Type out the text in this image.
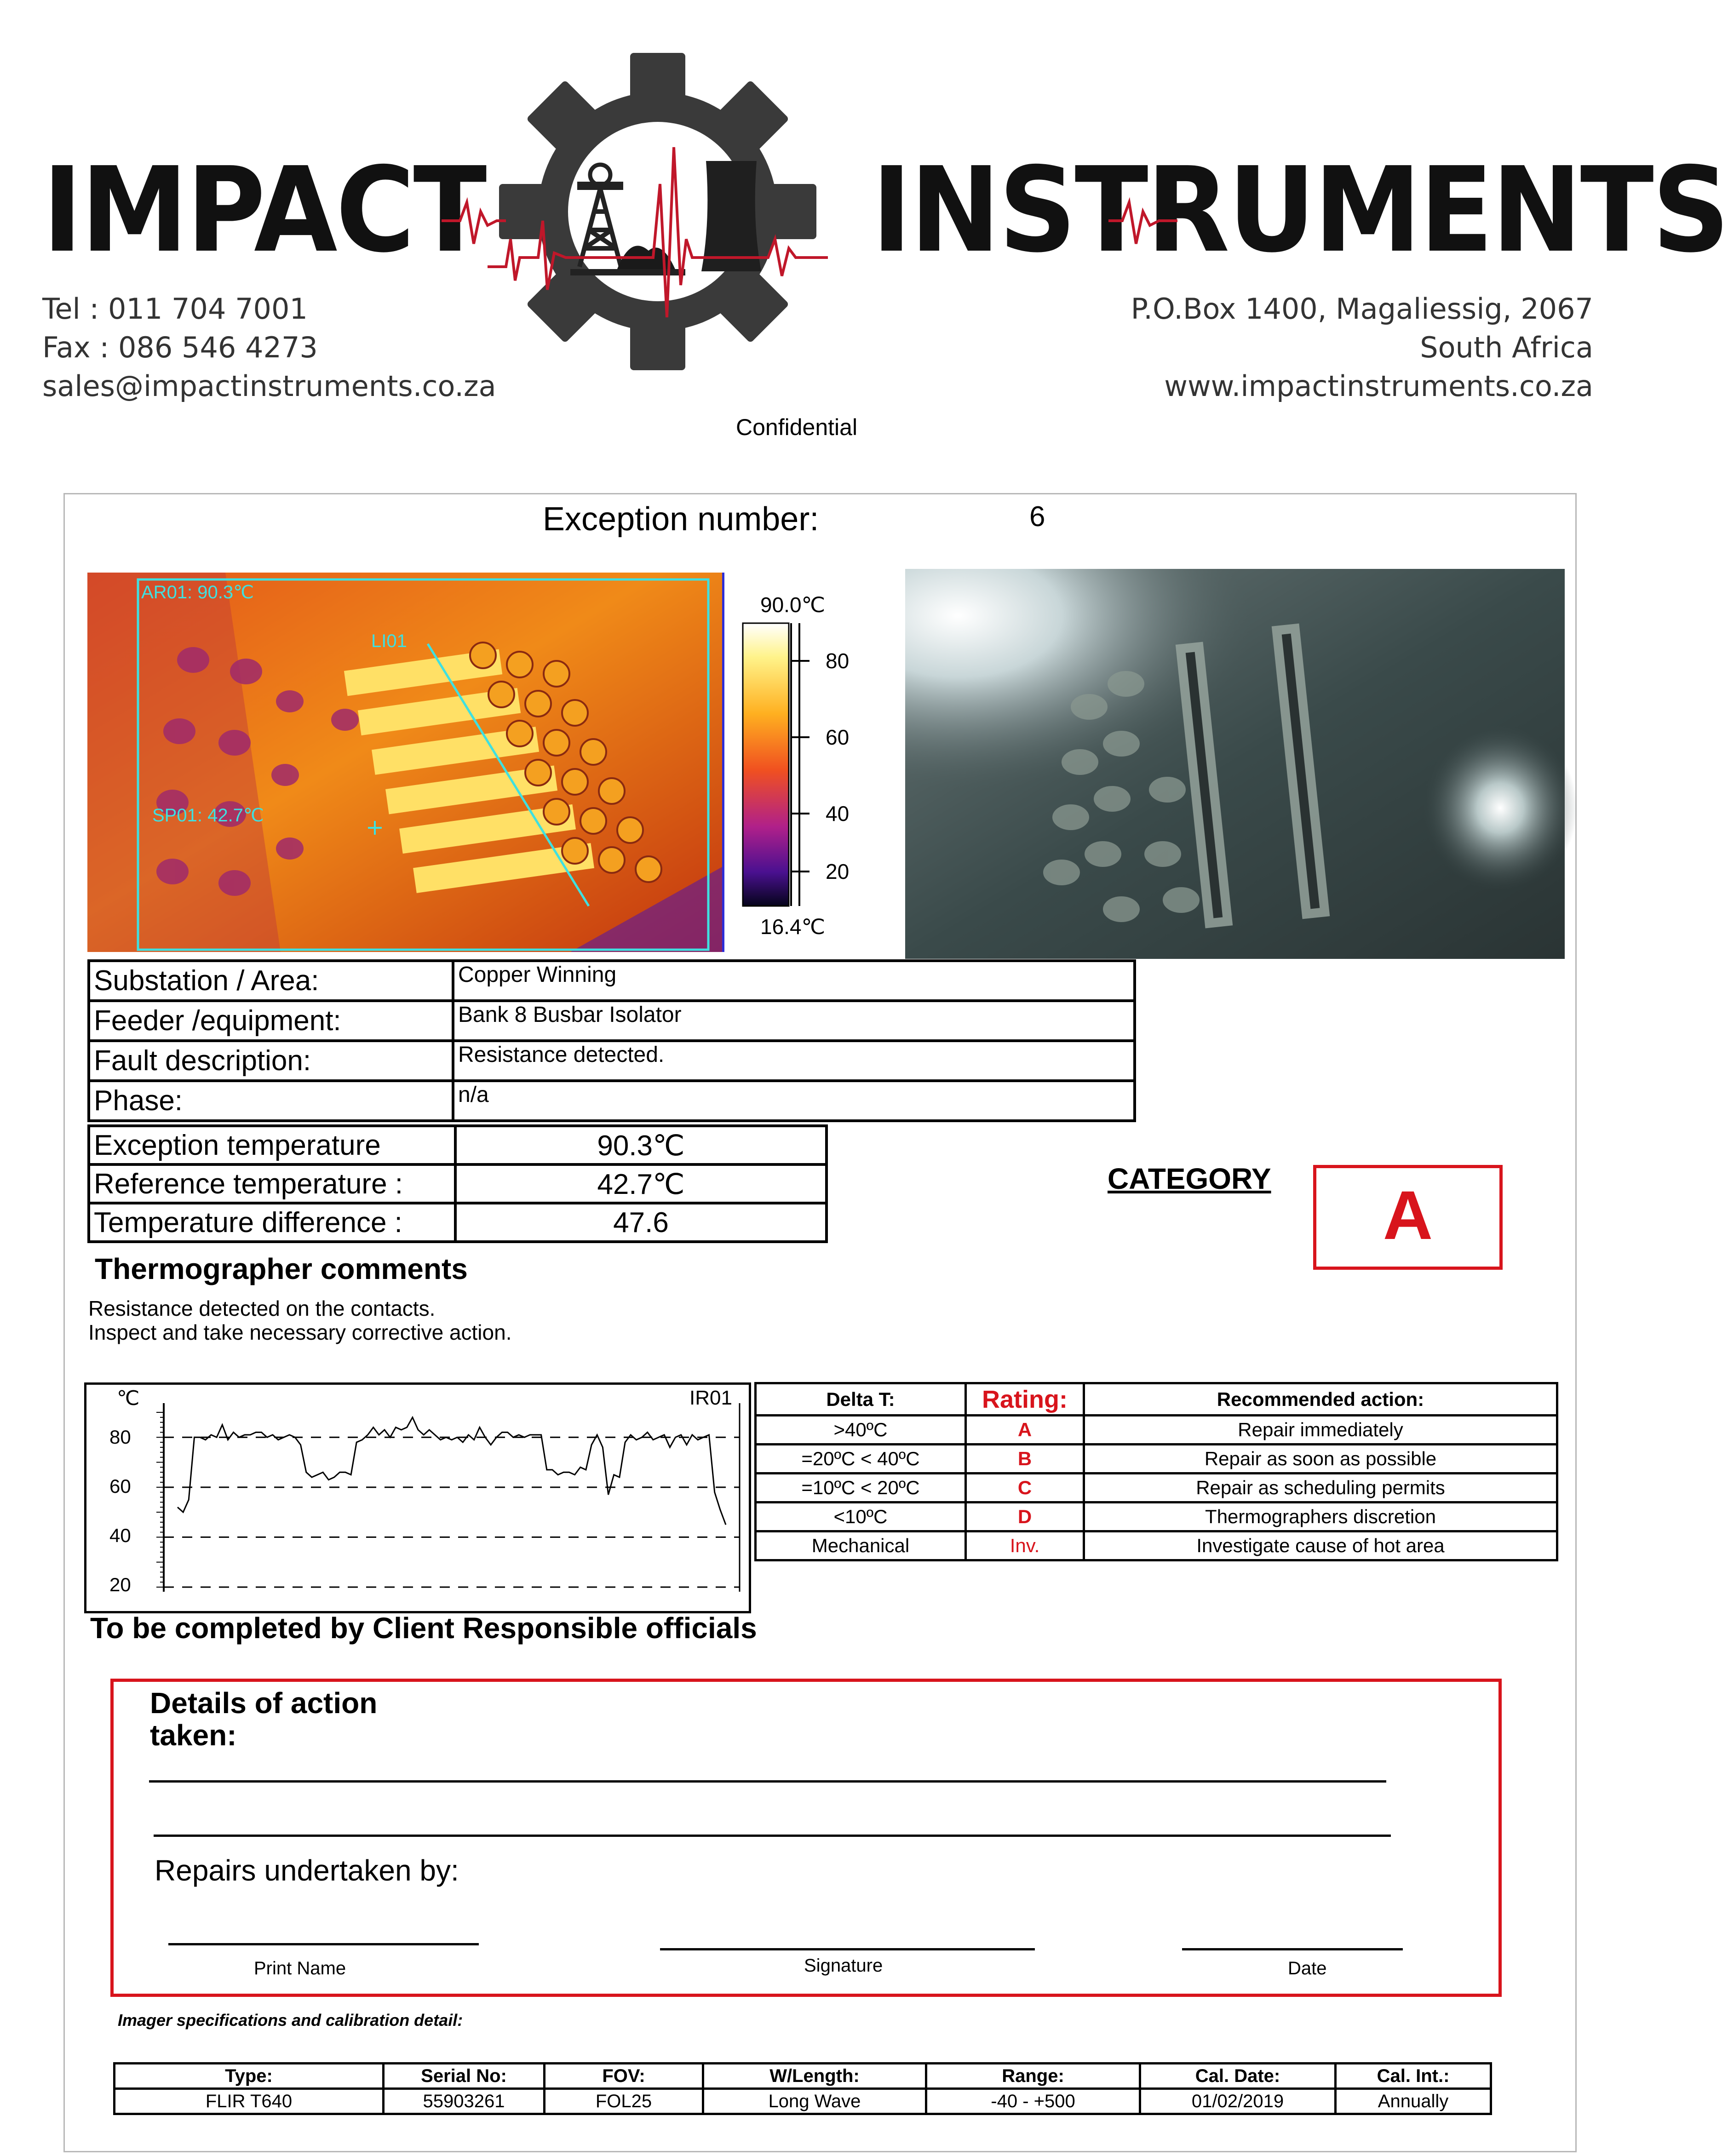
IMPACT	INSTRUMENTS
Tel : 011 704 7001
Fax : 086 546 4273
sales@impactinstruments.co.za
P.O.Box 1400, Magaliessig, 2067
South Africa
www.impactinstruments.co.za
Confidential
Exception number:	6
AR01: 90.3℃
LI01
SP01: 42.7℃
90.0℃
16.4℃
80
60
40
20
Substation / Area:	Copper Winning
Feeder /equipment:	Bank 8 Busbar Isolator
Fault description:	Resistance detected.
Phase:	n/a
Exception temperature	90.3℃
Reference temperature :	42.7℃
Temperature difference :	47.6
CATEGORY	A
Thermographer comments
Resistance detected on the contacts.
Inspect and take necessary corrective action.
℃	IR01
80
60
40
20
Delta T:	Rating:	Recommended action:
>40ºC	A	Repair immediately
=20ºC < 40ºC	B	Repair as soon as possible
=10ºC < 20ºC	C	Repair as scheduling permits
<10ºC	D	Thermographers discretion
Mechanical	Inv.	Investigate cause of hot area
To be completed by Client Responsible officials
Details of action taken:
Repairs undertaken by:
Print Name	Signature	Date
Imager specifications and calibration detail:
Type:	Serial No:	FOV:	W/Length:	Range:	Cal. Date:	Cal. Int.:
FLIR T640	55903261	FOL25	Long Wave	-40 - +500	01/02/2019	Annually
